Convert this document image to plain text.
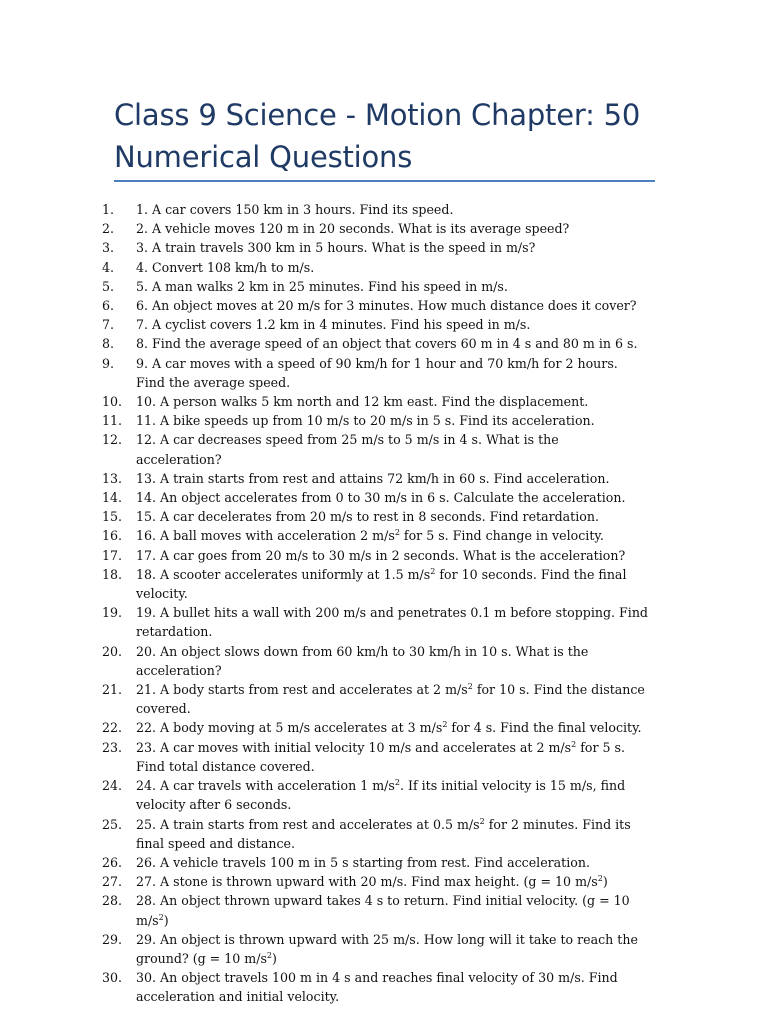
Class 9 Science - Motion Chapter: 50 Numerical Questions
1.	1. A car covers 150 km in 3 hours. Find its speed.
2.	2. A vehicle moves 120 m in 20 seconds. What is its average speed?
3.	3. A train travels 300 km in 5 hours. What is the speed in m/s?
4.	4. Convert 108 km/h to m/s.
5.	5. A man walks 2 km in 25 minutes. Find his speed in m/s.
6.	6. An object moves at 20 m/s for 3 minutes. How much distance does it cover?
7.	7. A cyclist covers 1.2 km in 4 minutes. Find his speed in m/s.
8.	8. Find the average speed of an object that covers 60 m in 4 s and 80 m in 6 s.
9.	9. A car moves with a speed of 90 km/h for 1 hour and 70 km/h for 2 hours. Find the average speed.
10.	10. A person walks 5 km north and 12 km east. Find the displacement.
11.	11. A bike speeds up from 10 m/s to 20 m/s in 5 s. Find its acceleration.
12.	12. A car decreases speed from 25 m/s to 5 m/s in 4 s. What is the acceleration?
13.	13. A train starts from rest and attains 72 km/h in 60 s. Find acceleration.
14.	14. An object accelerates from 0 to 30 m/s in 6 s. Calculate the acceleration.
15.	15. A car decelerates from 20 m/s to rest in 8 seconds. Find retardation.
16.	16. A ball moves with acceleration 2 $m/s^2$ for 5 s. Find change in velocity.
17.	17. A car goes from 20 m/s to 30 m/s in 2 seconds. What is the acceleration?
18.	18. A scooter accelerates uniformly at 1.5 $m/s^2$ for 10 seconds. Find the final velocity.
19.	19. A bullet hits a wall with 200 m/s and penetrates 0.1 m before stopping. Find retardation.
20.	20. An object slows down from 60 km/h to 30 km/h in 10 s. What is the acceleration?
21.	21. A body starts from rest and accelerates at 2 $m/s^2$ for 10 s. Find the distance covered.
22.	22. A body moving at 5 m/s accelerates at 3 $m/s^2$ for 4 s. Find the final velocity.
23.	23. A car moves with initial velocity 10 m/s and accelerates at 2 $m/s^2$ for 5 s. Find total distance covered.
24.	24. A car travels with acceleration 1 $m/s^2$. If its initial velocity is 15 m/s, find velocity after 6 seconds.
25.	25. A train starts from rest and accelerates at 0.5 $m/s^2$ for 2 minutes. Find its final speed and distance.
26.	26. A vehicle travels 100 m in 5 s starting from rest. Find acceleration.
27.	27. A stone is thrown upward with 20 m/s. Find max height. (g = 10 $m/s^2$)
28.	28. An object thrown upward takes 4 s to return. Find initial velocity. (g = 10 $m/s^2$)
29.	29. An object is thrown upward with 25 m/s. How long will it take to reach the ground? (g = 10 $m/s^2$)
30.	30. An object travels 100 m in 4 s and reaches final velocity of 30 m/s. Find acceleration and initial velocity.
